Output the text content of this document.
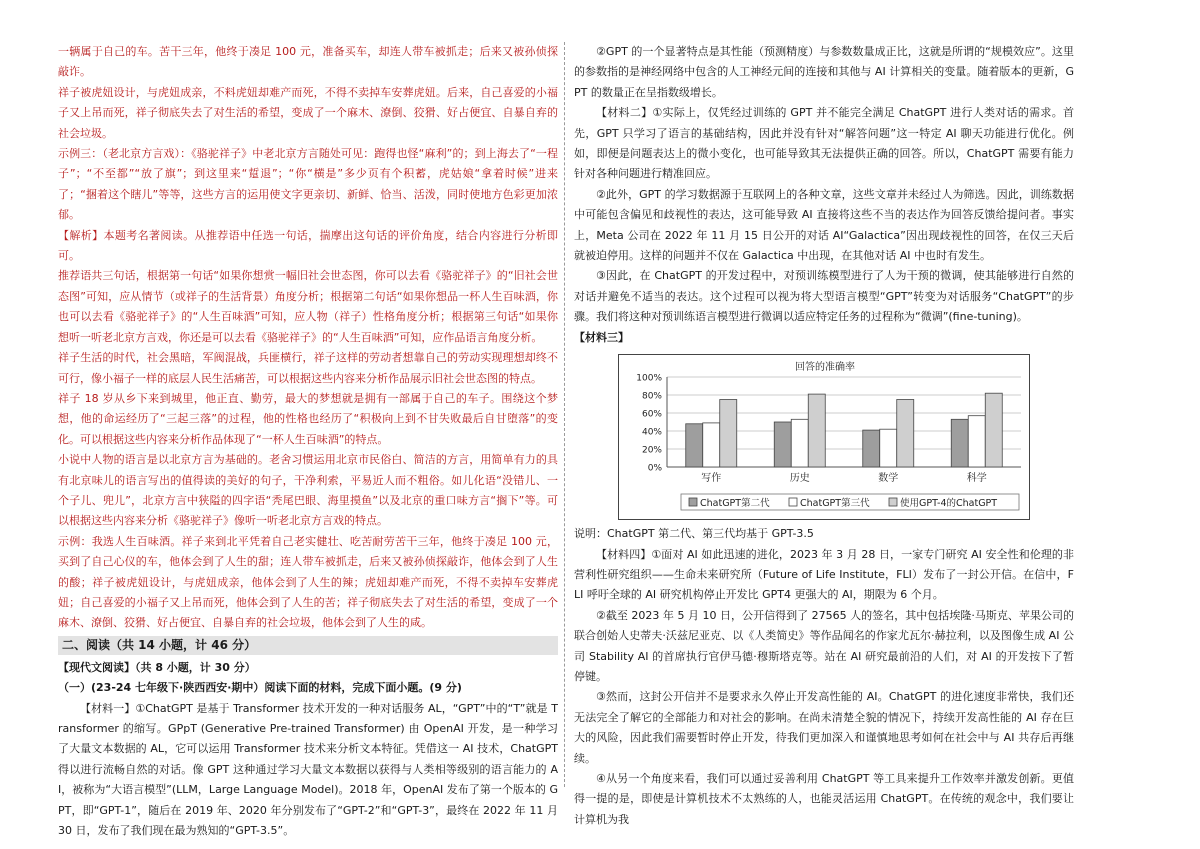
一辆属于自己的车。苦干三年，他终于凑足 100 元，准备买车，却连人带车被抓走；后来又被孙侦探敲诈。

祥子被虎妞设计，与虎妞成亲，不料虎妞却难产而死，不得不卖掉车安葬虎妞。后来，自己喜爱的小福子又上吊而死，祥子彻底失去了对生活的希望，变成了一个麻木、潦倒、狡猾、好占便宜、自暴自弃的社会垃圾。

示例三：（老北京方言戏）：《骆驼祥子》中老北京方言随处可见：跑得也怪“麻利”的；到上海去了“一程子”；“不至都”“放了旗”；到这里来“踅退”；“你“横是”多少页有个积蓄，虎姑娘“拿着时候”进来了；“捆着这个瞎儿”等等，这些方言的运用使文字更亲切、新鲜、恰当、活泼，同时使地方色彩更加浓郁。

【解析】本题考名著阅读。从推荐语中任选一句话，揣摩出这句话的评价角度，结合内容进行分析即可。

推荐语共三句话，根据第一句话“如果你想赏一幅旧社会世态图，你可以去看《骆驼祥子》的“旧社会世态图”可知，应从情节（或祥子的生活背景）角度分析；根据第二句话“如果你想品一杯人生百味酒，你也可以去看《骆驼祥子》的“人生百味酒”可知，应人物（祥子）性格角度分析；根据第三句话“如果你想听一听老北京方言戏，你还是可以去看《骆驼祥子》的“人生百味酒”可知，应作品语言角度分析。

祥子生活的时代，社会黑暗，军阀混战，兵匪横行，祥子这样的劳动者想靠自己的劳动实现理想却终不可行，像小福子一样的底层人民生活痛苦，可以根据这些内容来分析作品展示旧社会世态图的特点。

祥子 18 岁从乡下来到城里，他正直、勤劳，最大的梦想就是拥有一部属于自己的车子。围绕这个梦想，他的命运经历了“三起三落”的过程，他的性格也经历了“积极向上到不甘失败最后自甘堕落”的变化。可以根据这些内容来分析作品体现了“一杯人生百味酒”的特点。

小说中人物的语言是以北京方言为基础的。老舍习惯运用北京市民俗白、简洁的方言，用简单有力的具有北京味儿的语言写出的值得读的美好的句子，干净利索，平易近人而不粗俗。如儿化语“没错儿、一个子儿、兜儿”，北京方言中狭隘的四字语“秃尾巴眼、海里摸鱼”以及北京的重口味方言“搁下”等。可以根据这些内容来分析《骆驼祥子》像听一听老北京方言戏的特点。

示例：我选人生百味酒。祥子来到北平凭着自己老实健壮、吃苦耐劳苦干三年，他终于凑足 100 元，买到了自己心仪的车，他体会到了人生的甜；连人带车被抓走，后来又被孙侦探敲诈，他体会到了人生的酸；祥子被虎妞设计，与虎妞成亲，他体会到了人生的辣；虎妞却难产而死，不得不卖掉车安葬虎妞；自己喜爱的小福子又上吊而死，他体会到了人生的苦；祥子彻底失去了对生活的希望，变成了一个麻木、潦倒、狡猾、好占便宜、自暴自弃的社会垃圾，他体会到了人生的咸。

二、阅读（共 14 小题，计 46 分）

【现代文阅读】（共 8 小题，计 30 分）

（一）(23-24 七年级下·陕西西安·期中）阅读下面的材料，完成下面小题。(9 分)

【材料一】①ChatGPT 是基于 Transformer 技术开发的一种对话服务 AL，“GPT”中的“T”就是 Transformer 的缩写。GPpT (Generative Pre-trained Transformer) 由 OpenAI 开发，是一种学习了大量文本数据的 AL，它可以运用 Transformer 技术来分析文本特征。凭借这一 AI 技术，ChatGPT 得以进行流畅自然的对话。像 GPT 这种通过学习大量文本数据以获得与人类相等级别的语言能力的 AI，被称为“大语言模型”(LLM，Large Language Model)。2018 年，OpenAI 发布了第一个版本的 GPT，即“GPT-1”，随后在 2019 年、2020 年分别发布了“GPT-2”和“GPT-3”，最终在 2022 年 11 月 30 日，发布了我们现在最为熟知的“GPT-3.5”。

②GPT 的一个显著特点是其性能（预测精度）与参数数量成正比，这就是所谓的“规模效应”。这里的参数指的是神经网络中包含的人工神经元间的连接和其他与 AI 计算相关的变量。随着版本的更新，GPT 的数量正在呈指数级增长。

【材料二】①实际上，仅凭经过训练的 GPT 并不能完全满足 ChatGPT 进行人类对话的需求。首先，GPT 只学习了语言的基础结构，因此并没有针对“解答问题”这一特定 AI 聊天功能进行优化。例如，即便是问题表达上的微小变化，也可能导致其无法提供正确的回答。所以，ChatGPT 需要有能力针对各种问题进行精准回应。

②此外，GPT 的学习数据源于互联网上的各种文章，这些文章并未经过人为筛选。因此，训练数据中可能包含偏见和歧视性的表达，这可能导致 AI 直接将这些不当的表达作为回答反馈给提问者。事实上，Meta 公司在 2022 年 11 月 15 日公开的对话 AI“Galactica”因出现歧视性的回答，在仅三天后就被迫停用。这样的问题并不仅在 Galactica 中出现，在其他对话 AI 中也时有发生。

③因此，在 ChatGPT 的开发过程中，对预训练模型进行了人为干预的微调，使其能够进行自然的对话并避免不适当的表达。这个过程可以视为将大型语言模型“GPT”转变为对话服务“ChatGPT”的步骤。我们将这种对预训练语言模型进行微调以适应特定任务的过程称为“微调”(fine-tuning)。

【材料三】

回答的准确率
0%
20%
40%
60%
80%
100%
写作	历史	数学	科学
ChatGPT第二代	ChatGPT第三代	使用GPT-4的ChatGPT

说明：ChatGPT 第二代、第三代均基于 GPT-3.5

【材料四】①面对 AI 如此迅速的进化，2023 年 3 月 28 日，一家专门研究 AI 安全性和伦理的非营利性研究组织——生命未来研究所（Future of Life Institute，FLI）发布了一封公开信。在信中，FLI 呼吁全球的 AI 研究机构停止开发比 GPT4 更强大的 AI，期限为 6 个月。

②截至 2023 年 5 月 10 日，公开信得到了 27565 人的签名，其中包括埃隆·马斯克、苹果公司的联合创始人史蒂夫·沃兹尼亚克、以《人类简史》等作品闻名的作家尤瓦尔·赫拉利，以及图像生成 AI 公司 Stability AI 的首席执行官伊马德·穆斯塔克等。站在 AI 研究最前沿的人们，对 AI 的开发按下了暂停键。

③然而，这封公开信并不是要求永久停止开发高性能的 AI。ChatGPT 的进化速度非常快，我们还无法完全了解它的全部能力和对社会的影响。在尚未清楚全貌的情况下，持续开发高性能的 AI 存在巨大的风险，因此我们需要暂时停止开发，待我们更加深入和谨慎地思考如何在社会中与 AI 共存后再继续。

④从另一个角度来看，我们可以通过妥善利用 ChatGPT 等工具来提升工作效率并激发创新。更值得一提的是，即使是计算机技术不太熟练的人，也能灵活运用 ChatGPT。在传统的观念中，我们要让计算机为我
